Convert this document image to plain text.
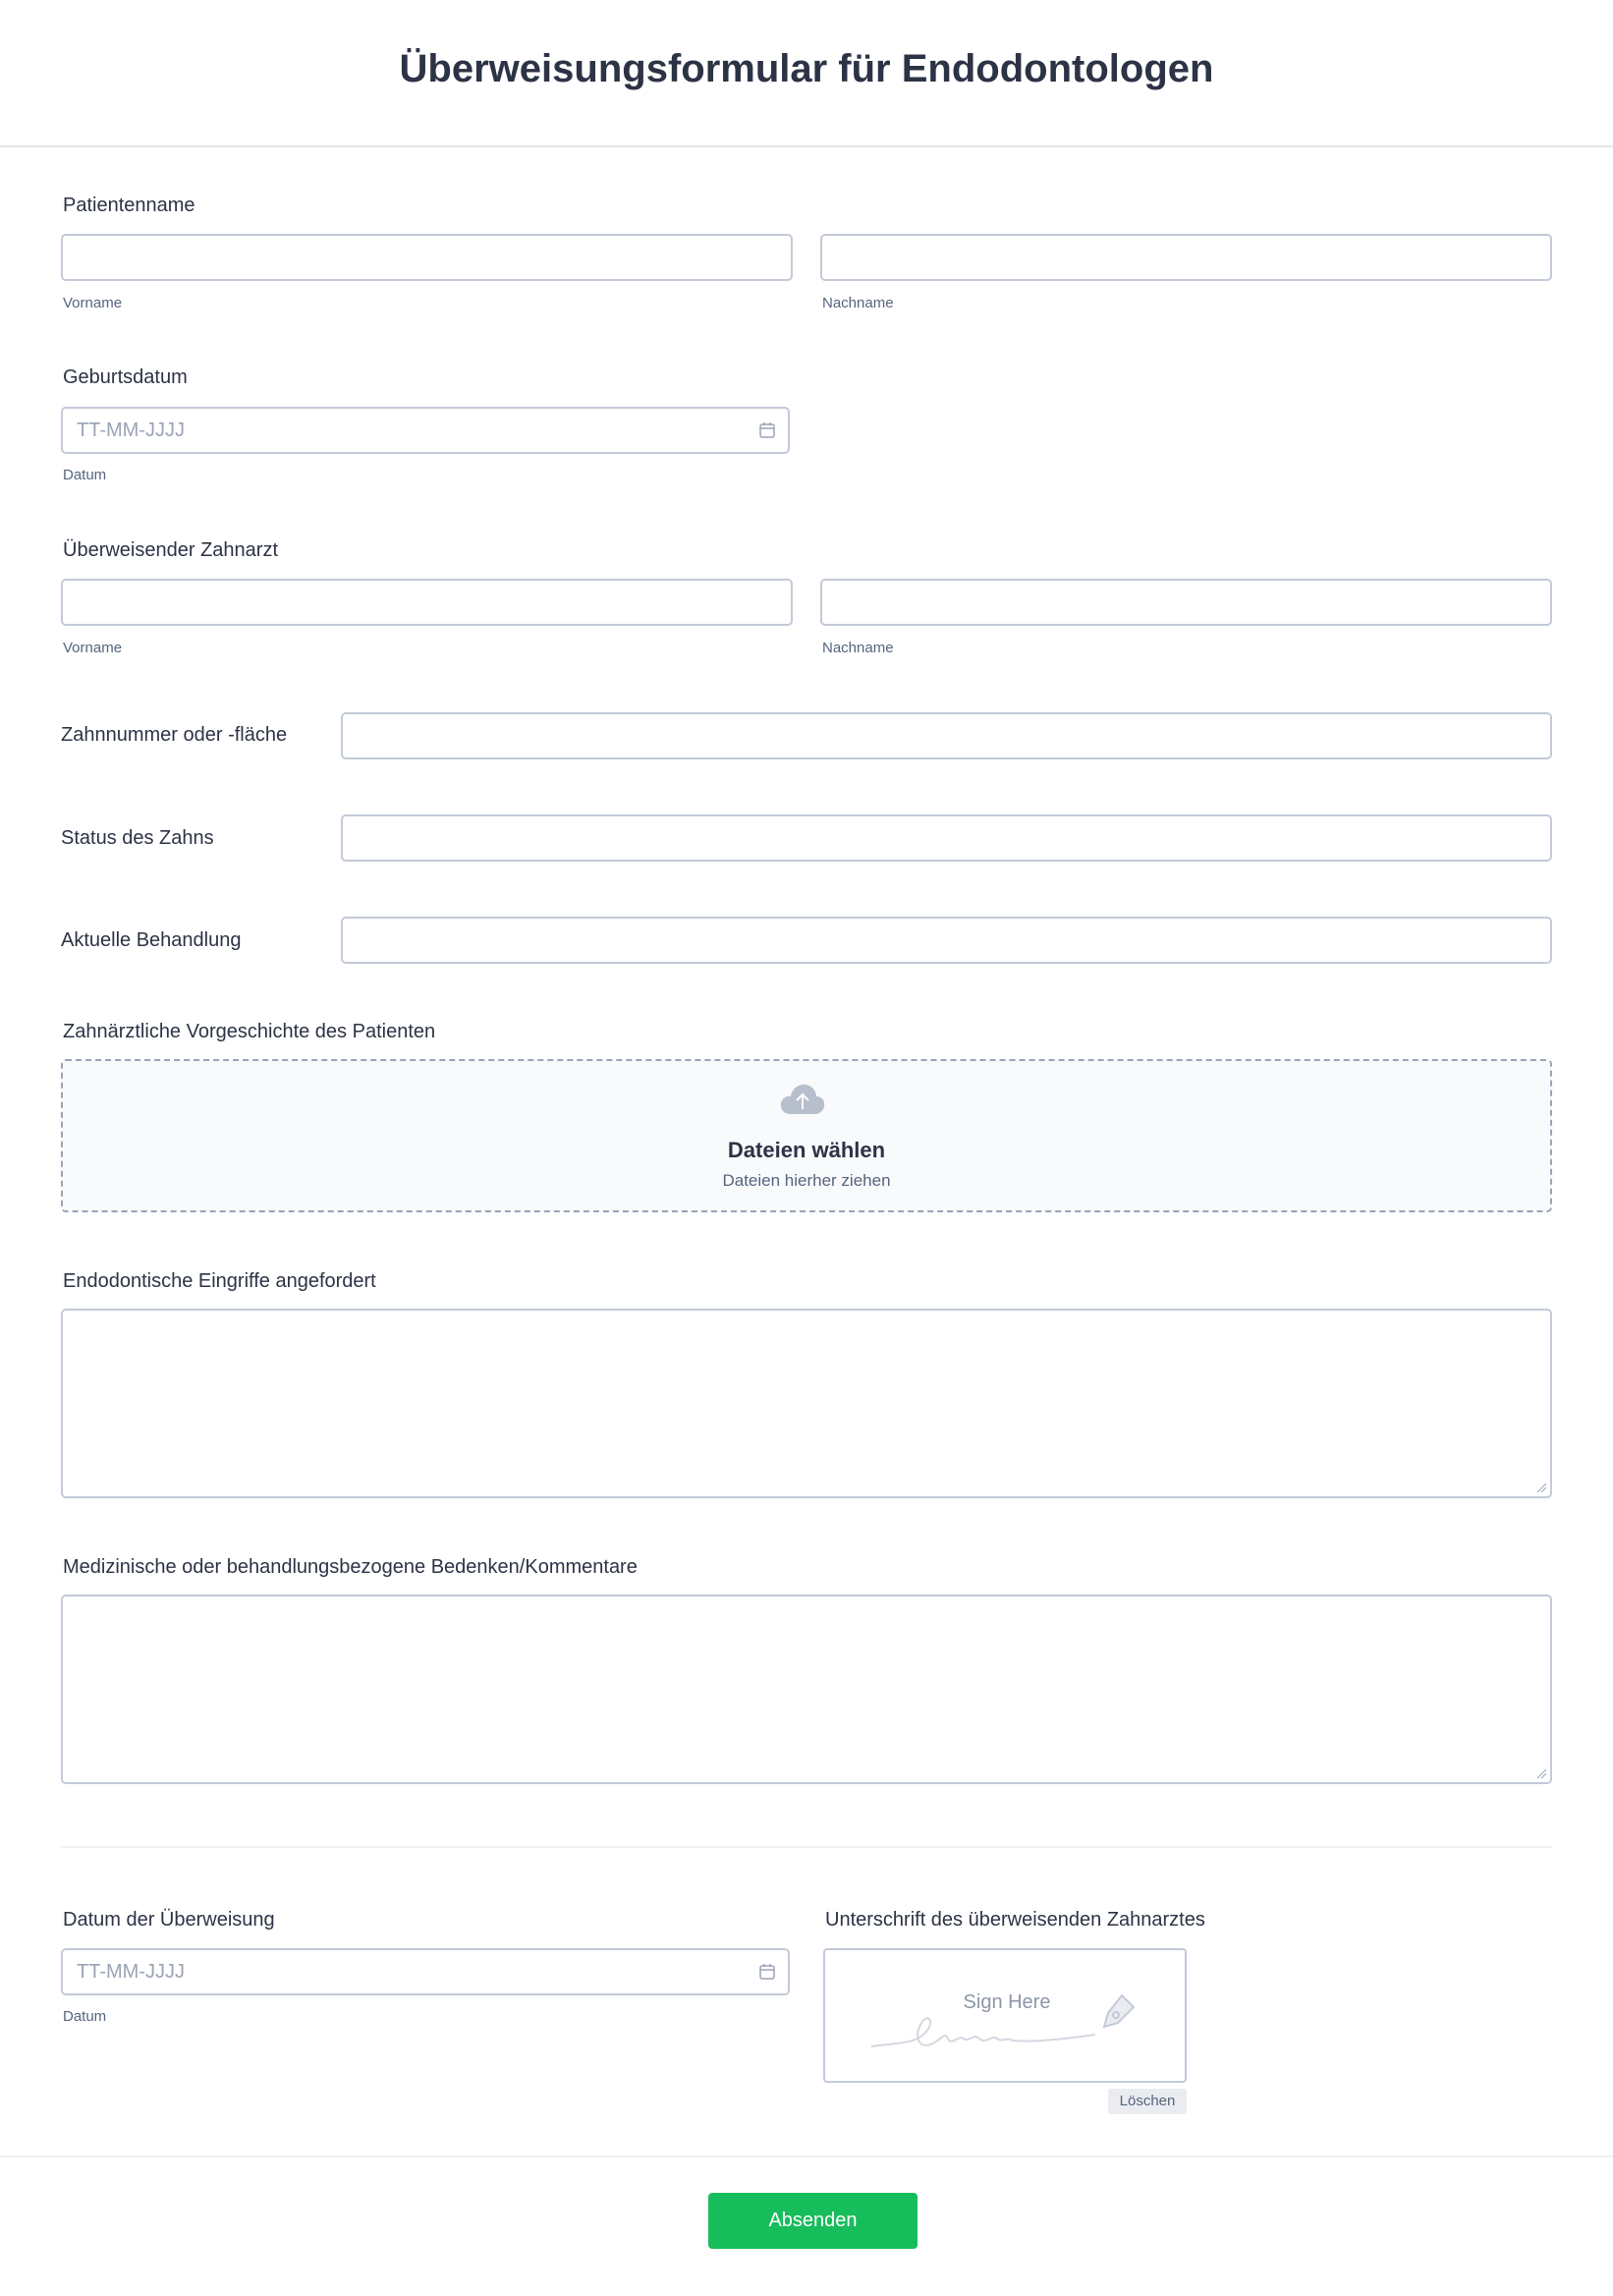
Überweisungsformular für Endodontologen
Patientenname
Vorname	Nachname
Geburtsdatum
TT-MM-JJJJ
Datum
Überweisender Zahnarzt
Vorname	Nachname
Zahnnummer oder -fläche
Status des Zahns
Aktuelle Behandlung
Zahnärztliche Vorgeschichte des Patienten
Dateien wählen
Dateien hierher ziehen
Endodontische Eingriffe angefordert
Medizinische oder behandlungsbezogene Bedenken/Kommentare
Datum der Überweisung
TT-MM-JJJJ
Datum
Unterschrift des überweisenden Zahnarztes
Sign Here
Löschen
Absenden
